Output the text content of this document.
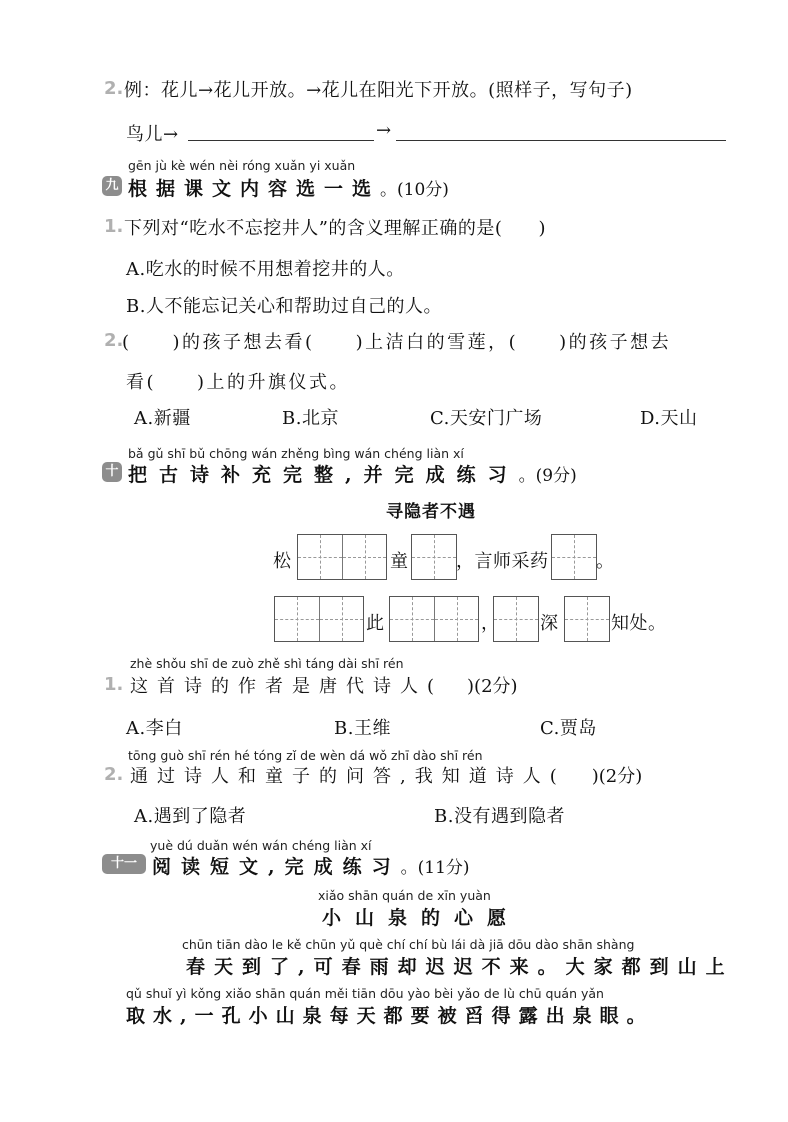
2. 例：花儿→花儿开放。→花儿在阳光下开放。(照样子，写句子)
鸟儿→	→
gēn jù kè wén nèi róng xuǎn yi xuǎn
九 根据课文内容选一选。(10分)
1. 下列对“吃水不忘挖井人”的含义理解正确的是( )
A.吃水的时候不用想着挖井的人。
B.人不能忘记关心和帮助过自己的人。
2.
(　　)的孩子想去看(　　)上洁白的雪莲，(　　)的孩子想去
看(　　)上的升旗仪式。
A.新疆	B.北京	C.天安门广场	D.天山
bǎ gǔ shī bǔ chōng wán zhěng bìng wán chéng liàn xí
十 把古诗补充完整,并完成练习。(9分)
寻隐者不遇
松	童	，言师采药	。
此	， 深	知处。
zhè shǒu shī de zuò zhě shì táng dài shī rén
1. 这首诗的作者是唐代诗人( )(2分)
A.李白	B.王维	C.贾岛
tōng guò shī rén hé tóng zǐ de wèn dá wǒ zhī dào shī rén
2. 通过诗人和童子的问答,我知道诗人( )(2分)
A.遇到了隐者	B.没有遇到隐者
yuè dú duǎn wén wán chéng liàn xí
十一 阅读短文,完成练习。(11分)
xiǎo shān quán de xīn yuàn
小山泉的心愿
chūn tiān dào le kě chūn yǔ què chí chí bù lái dà jiā dōu dào shān shàng
春天到了,可春雨却迟迟不来。大家都到山上
qǔ shuǐ yì kǒng xiǎo shān quán měi tiān dōu yào bèi yǎo de lù chū quán yǎn
取水,一孔小山泉每天都要被舀得露出泉眼。
